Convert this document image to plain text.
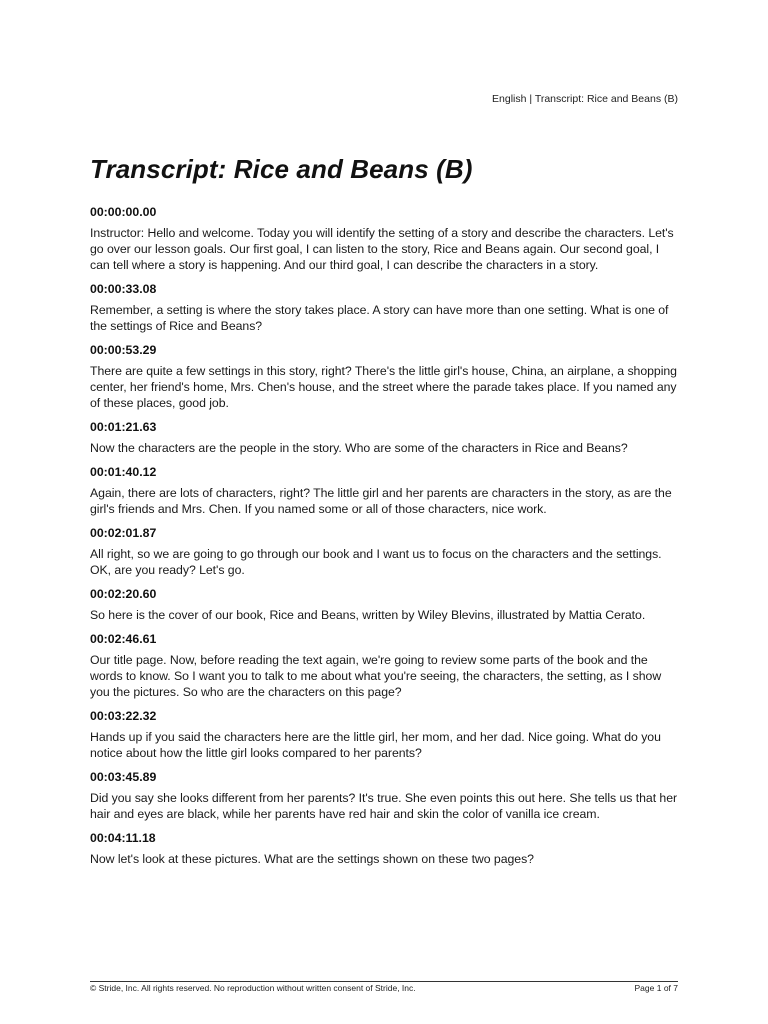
English | Transcript: Rice and Beans (B)
Transcript: Rice and Beans (B)
00:00:00.00
Instructor: Hello and welcome. Today you will identify the setting of a story and describe the characters. Let's go over our lesson goals. Our first goal, I can listen to the story, Rice and Beans again. Our second goal, I can tell where a story is happening. And our third goal, I can describe the characters in a story.
00:00:33.08
Remember, a setting is where the story takes place. A story can have more than one setting. What is one of the settings of Rice and Beans?
00:00:53.29
There are quite a few settings in this story, right? There's the little girl's house, China, an airplane, a shopping center, her friend's home, Mrs. Chen's house, and the street where the parade takes place. If you named any of these places, good job.
00:01:21.63
Now the characters are the people in the story. Who are some of the characters in Rice and Beans?
00:01:40.12
Again, there are lots of characters, right? The little girl and her parents are characters in the story, as are the girl's friends and Mrs. Chen. If you named some or all of those characters, nice work.
00:02:01.87
All right, so we are going to go through our book and I want us to focus on the characters and the settings. OK, are you ready? Let's go.
00:02:20.60
So here is the cover of our book, Rice and Beans, written by Wiley Blevins, illustrated by Mattia Cerato.
00:02:46.61
Our title page. Now, before reading the text again, we're going to review some parts of the book and the words to know. So I want you to talk to me about what you're seeing, the characters, the setting, as I show you the pictures. So who are the characters on this page?
00:03:22.32
Hands up if you said the characters here are the little girl, her mom, and her dad. Nice going. What do you notice about how the little girl looks compared to her parents?
00:03:45.89
Did you say she looks different from her parents? It's true. She even points this out here. She tells us that her hair and eyes are black, while her parents have red hair and skin the color of vanilla ice cream.
00:04:11.18
Now let's look at these pictures. What are the settings shown on these two pages?
© Stride, Inc. All rights reserved. No reproduction without written consent of Stride, Inc.	Page 1 of 7
